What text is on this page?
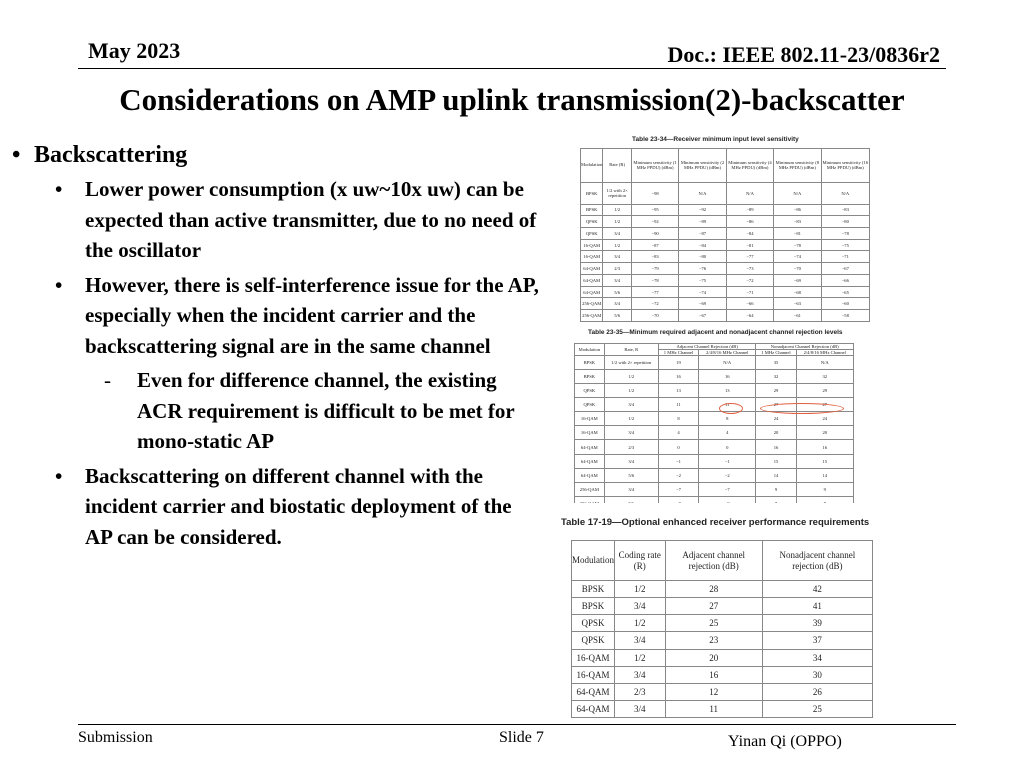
May 2023	Doc.: IEEE 802.11-23/0836r2
Considerations on AMP uplink transmission(2)-backscatter
• Backscattering
• Lower power consumption (x uw~10x uw) can be expected than active transmitter, due to no need of the oscillator
• However, there is self-interference issue for the AP, especially when the incident carrier and the backscattering signal are in the same channel
- Even for difference channel, the existing ACR requirement is difficult to be met for mono-static AP
• Backscattering on different channel with the incident carrier and biostatic deployment of the AP can be considered.
Table 23-34—Receiver minimum input level sensitivity
Modulation	Rate (R)	Minimum sensitivity (1 MHz PPDU) (dBm)	Minimum sensitivity (2 MHz PPDU) (dBm)	Minimum sensitivity (4 MHz PPDU) (dBm)	Minimum sensitivity (8 MHz PPDU) (dBm)	Minimum sensitivity (16 MHz PPDU) (dBm)
BPSK	1/2 with 2× repetition	−98	N/A	N/A	N/A	N/A
BPSK	1/2	−95	−92	−89	−86	−83
QPSK	1/2	−92	−89	−86	−83	−80
QPSK	3/4	−90	−87	−84	−81	−78
16-QAM	1/2	−87	−84	−81	−78	−75
16-QAM	3/4	−83	−80	−77	−74	−71
64-QAM	2/3	−79	−76	−73	−70	−67
64-QAM	3/4	−78	−75	−72	−69	−66
64-QAM	5/6	−77	−74	−71	−68	−65
256-QAM	3/4	−72	−69	−66	−63	−60
256-QAM	5/6	−70	−67	−64	−61	−58
Table 23-35—Minimum required adjacent and nonadjacent channel rejection levels
Modulation	Rate, R	Adjacent Channel Rejection (dB)		Nonadjacent Channel Rejection (dB)	
		1 MHz Channel	2/4/8/16 MHz Channel	1 MHz Channel	2/4/8/16 MHz Channel
BPSK	1/2 with 2× repetition	19	N/A	35	N/A
BPSK	1/2	16	16	32	32
QPSK	1/2	13	13	29	29
QPSK	3/4	11	11	27	27
16-QAM	1/2	8	8	24	24
16-QAM	3/4	4	4	20	20
64-QAM	2/3	0	0	16	16
64-QAM	3/4	−1	−1	15	15
64-QAM	5/6	−2	−2	14	14
256-QAM	3/4	−7	−7	9	9

Table 17-19—Optional enhanced receiver performance requirements
Modulation	Coding rate (R)	Adjacent channel rejection (dB)	Nonadjacent channel rejection (dB)
BPSK	1/2	28	42
BPSK	3/4	27	41
QPSK	1/2	25	39
QPSK	3/4	23	37
16-QAM	1/2	20	34
16-QAM	3/4	16	30
64-QAM	2/3	12	26
64-QAM	3/4	11	25
Submission	Slide 7	Yinan Qi (OPPO)
